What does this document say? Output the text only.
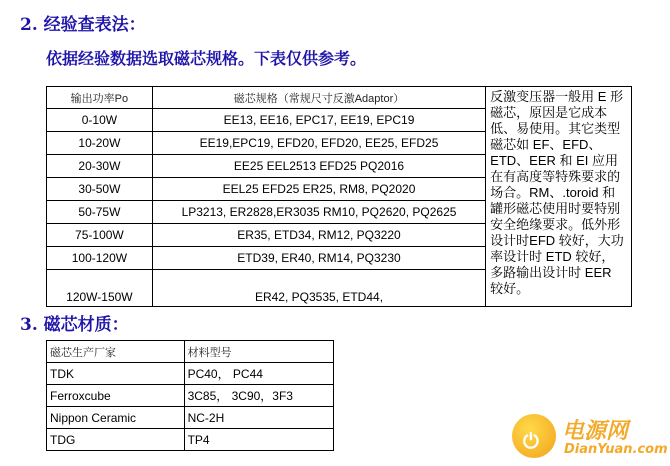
2. 经验查表法：
依据经验数据选取磁芯规格。下表仅供参考。
输出功率Po	磁芯规格（常规尺寸反激Adaptor）	反激变压器一般用 E 形磁芯，原因是它成本低、易使用。其它类型磁芯如 EF、EFD、ETD、EER 和 EI 应用在有高度等特殊要求的场合。RM、.toroid 和罐形磁芯使用时要特别安全绝缘要求。低外形设计时EFD 较好，大功率设计时 ETD 较好，多路输出设计时 EER 较好。
0-10W	EE13, EE16, EPC17, EE19, EPC19	
10-20W	EE19,EPC19, EFD20, EFD20, EE25, EFD25	
20-30W	EE25 EEL2513 EFD25 PQ2016	
30-50W	EEL25 EFD25 ER25, RM8, PQ2020	
50-75W	LP3213, ER2828,ER3035 RM10, PQ2620, PQ2625	
75-100W	ER35, ETD34, RM12, PQ3220	
100-120W	ETD39, ER40, RM14, PQ3230	
120W-150W	ER42, PQ3535, ETD44,	
3. 磁芯材质：
磁芯生产厂家	材料型号
TDK	PC40， PC44
Ferroxcube	3C85， 3C90，3F3
Nippon Ceramic	NC-2H
TDG	TP4	⏻ 电源网
DianYuan.com
